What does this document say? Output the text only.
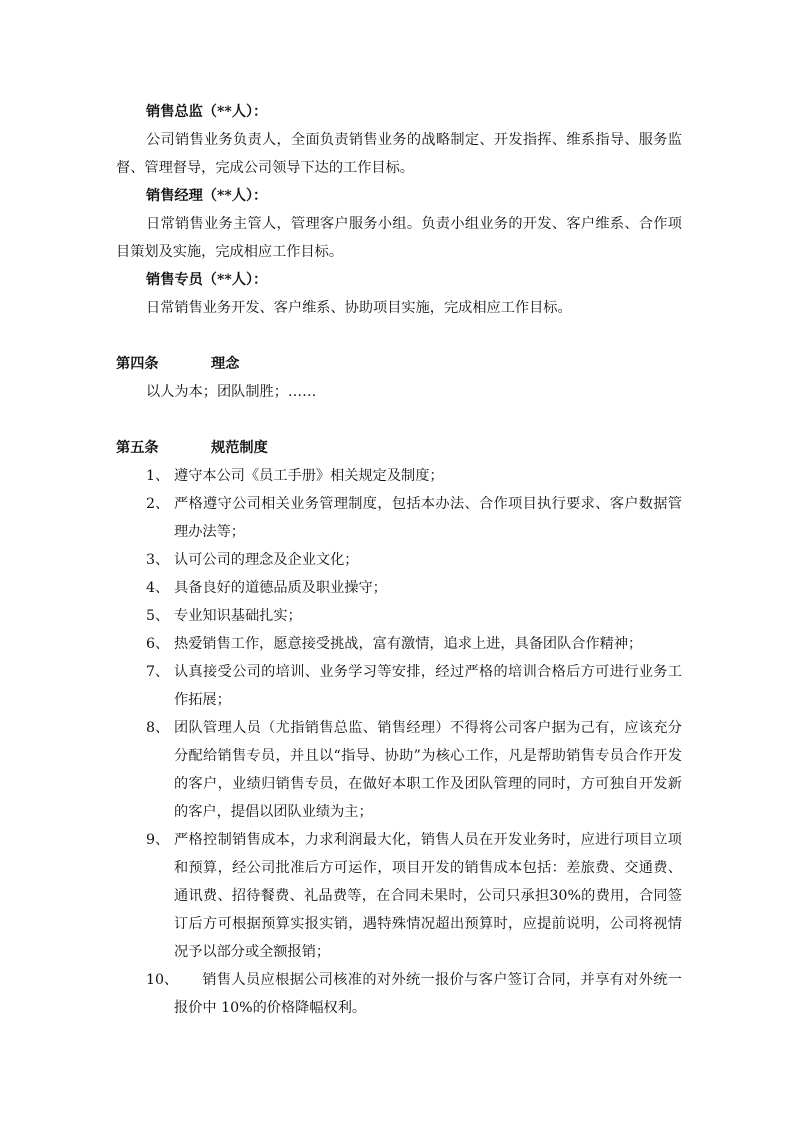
销售总监（**人）：
公司销售业务负责人，全面负责销售业务的战略制定、开发指挥、维系指导、服务监督、管理督导，完成公司领导下达的工作目标。
销售经理（**人）：
日常销售业务主管人，管理客户服务小组。负责小组业务的开发、客户维系、合作项目策划及实施，完成相应工作目标。
销售专员（**人）：
日常销售业务开发、客户维系、协助项目实施，完成相应工作目标。
第四条	理念
以人为本；团队制胜；……
第五条	规范制度
1、 遵守本公司《员工手册》相关规定及制度；
2、 严格遵守公司相关业务管理制度，包括本办法、合作项目执行要求、客户数据管理办法等；
3、 认可公司的理念及企业文化；
4、 具备良好的道德品质及职业操守；
5、 专业知识基础扎实；
6、 热爱销售工作，愿意接受挑战，富有激情，追求上进，具备团队合作精神；
7、 认真接受公司的培训、业务学习等安排，经过严格的培训合格后方可进行业务工作拓展；
8、 团队管理人员（尤指销售总监、销售经理）不得将公司客户据为己有，应该充分分配给销售专员，并且以“指导、协助”为核心工作，凡是帮助销售专员合作开发的客户，业绩归销售专员，在做好本职工作及团队管理的同时，方可独自开发新的客户，提倡以团队业绩为主；
9、 严格控制销售成本，力求利润最大化，销售人员在开发业务时，应进行项目立项和预算，经公司批准后方可运作，项目开发的销售成本包括：差旅费、交通费、通讯费、招待餐费、礼品费等，在合同未果时，公司只承担30%的费用，合同签订后方可根据预算实报实销，遇特殊情况超出预算时，应提前说明，公司将视情况予以部分或全额报销；
10、 销售人员应根据公司核准的对外统一报价与客户签订合同，并享有对外统一报价中 10%的价格降幅权利。
